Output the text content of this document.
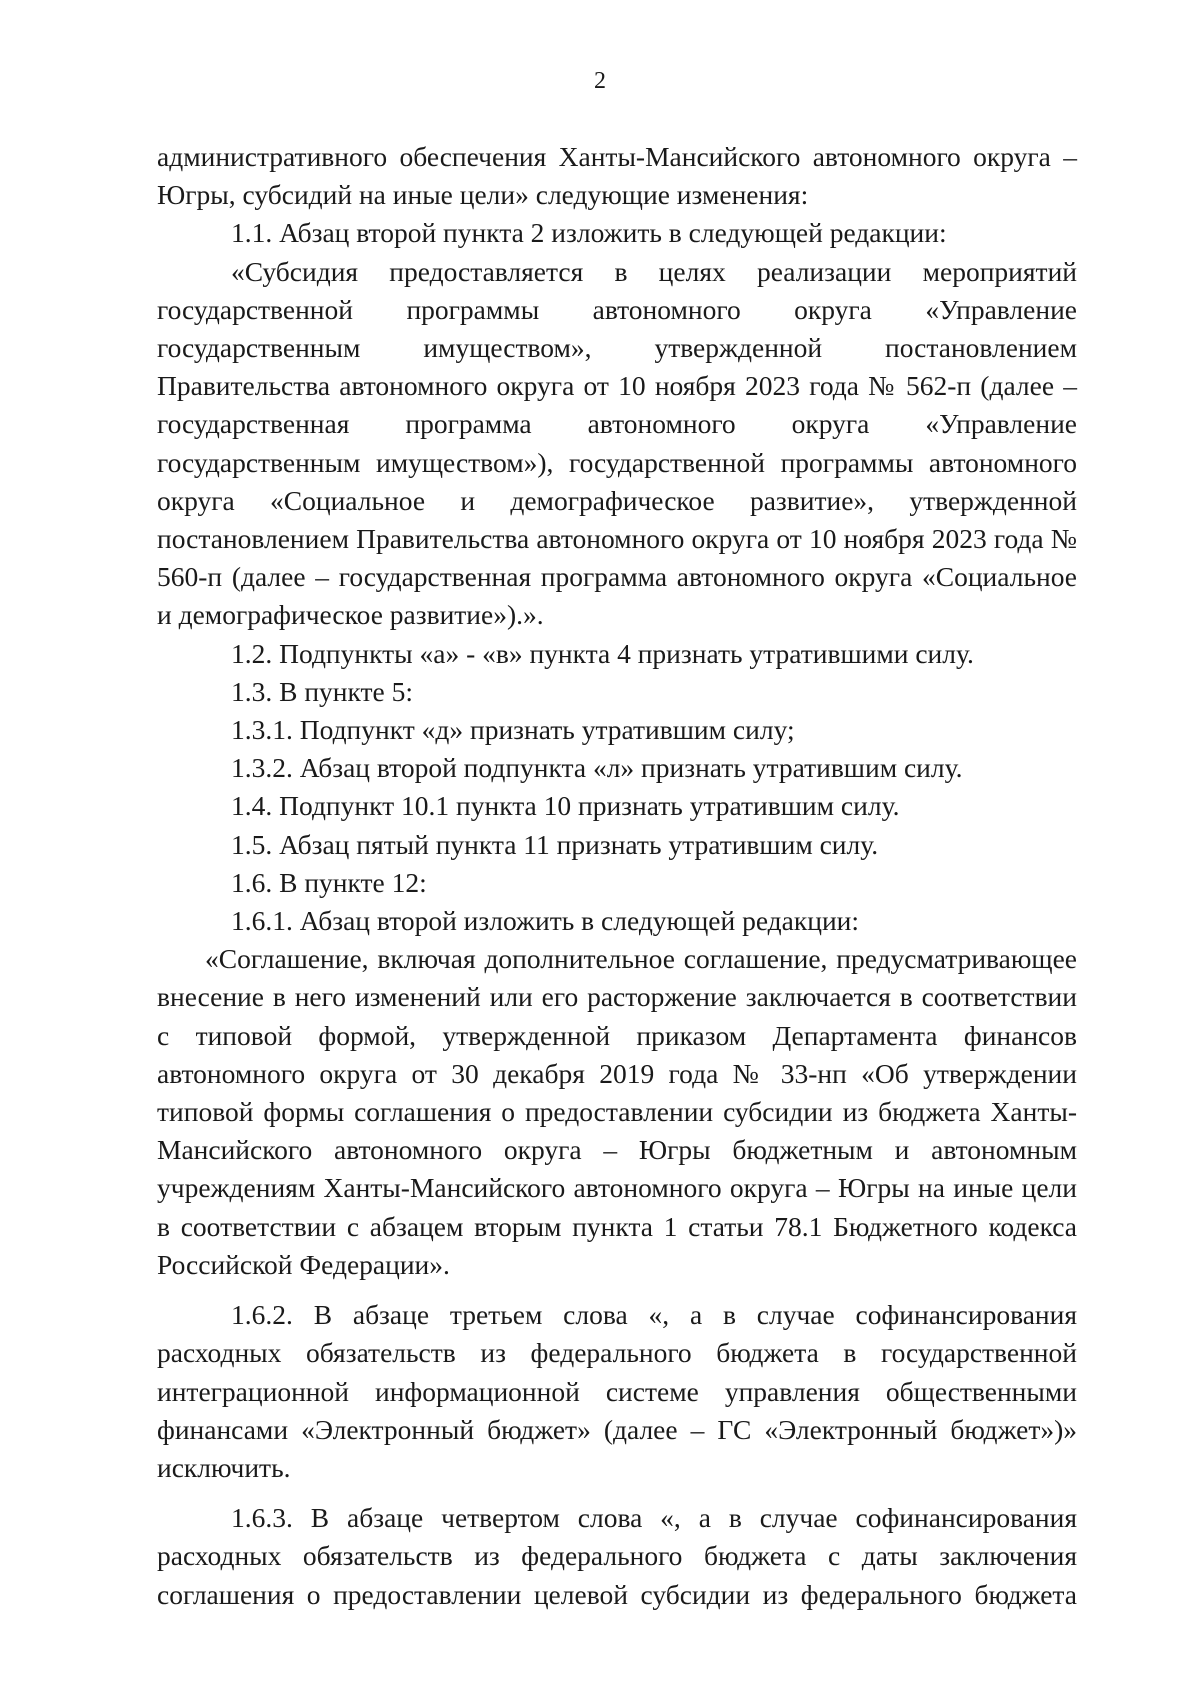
2

административного обеспечения Ханты-Мансийского автономного округа – Югры, субсидий на иные цели» следующие изменения:

1.1. Абзац второй пункта 2 изложить в следующей редакции:

«Субсидия предоставляется в целях реализации мероприятий государственной программы автономного округа «Управление государственным имуществом», утвержденной постановлением Правительства автономного округа от 10 ноября 2023 года № 562-п (далее – государственная программа автономного округа «Управление государственным имуществом»), государственной программы автономного округа «Социальное и демографическое развитие», утвержденной постановлением Правительства автономного округа от 10 ноября 2023 года № 560-п (далее – государственная программа автономного округа «Социальное и демографическое развитие»).».

1.2. Подпункты «а» - «в» пункта 4 признать утратившими силу.

1.3. В пункте 5:

1.3.1. Подпункт «д» признать утратившим силу;

1.3.2. Абзац второй подпункта «л» признать утратившим силу.

1.4. Подпункт 10.1 пункта 10 признать утратившим силу.

1.5. Абзац пятый пункта 11 признать утратившим силу.

1.6. В пункте 12:

1.6.1. Абзац второй изложить в следующей редакции:

«Соглашение, включая дополнительное соглашение, предусматривающее внесение в него изменений или его расторжение заключается в соответствии с типовой формой, утвержденной приказом Департамента финансов автономного округа от 30 декабря 2019 года № 33-нп «Об утверждении типовой формы соглашения о предоставлении субсидии из бюджета Ханты-Мансийского автономного округа – Югры бюджетным и автономным учреждениям Ханты-Мансийского автономного округа – Югры на иные цели в соответствии с абзацем вторым пункта 1 статьи 78.1 Бюджетного кодекса Российской Федерации».

1.6.2. В абзаце третьем слова «, а в случае софинансирования расходных обязательств из федерального бюджета в государственной интеграционной информационной системе управления общественными финансами «Электронный бюджет» (далее – ГС «Электронный бюджет»)» исключить.

1.6.3. В абзаце четвертом слова «, а в случае софинансирования расходных обязательств из федерального бюджета с даты заключения соглашения о предоставлении целевой субсидии из федерального бюджета
